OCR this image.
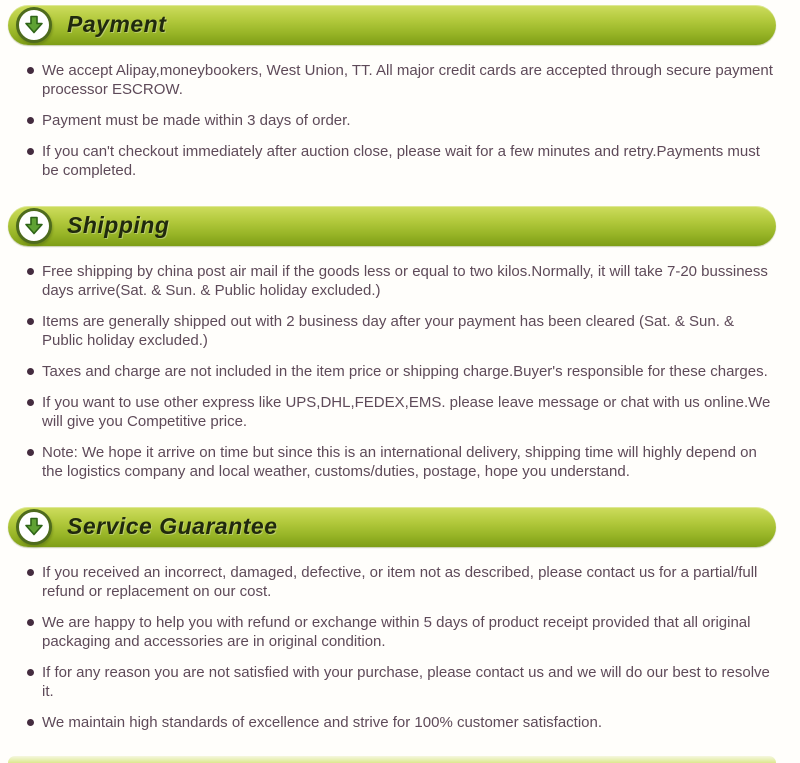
Payment
We accept Alipay,moneybookers, West Union, TT. All major credit cards are accepted through secure payment processor ESCROW.
Payment must be made within 3 days of order.
If you can't checkout immediately after auction close, please wait for a few minutes and retry.Payments must be completed.
Shipping
Free shipping by china post air mail if the goods less or equal to two kilos.Normally, it will take 7-20 bussiness days arrive(Sat. & Sun. & Public holiday excluded.)
Items are generally shipped out with 2 business day after your payment has been cleared (Sat. & Sun. & Public holiday excluded.)
Taxes and charge are not included in the item price or shipping charge.Buyer's responsible for these charges.
If you want to use other express like UPS,DHL,FEDEX,EMS. please leave message or chat with us online.We will give you Competitive price.
Note: We hope it arrive on time but since this is an international delivery, shipping time will highly depend on the logistics company and local weather, customs/duties, postage, hope you understand.
Service Guarantee
If you received an incorrect, damaged, defective, or item not as described, please contact us for a partial/full refund or replacement on our cost.
We are happy to help you with refund or exchange within 5 days of product receipt provided that all original packaging and accessories are in original condition.
If for any reason you are not satisfied with your purchase, please contact us and we will do our best to resolve it.
We maintain high standards of excellence and strive for 100% customer satisfaction.
